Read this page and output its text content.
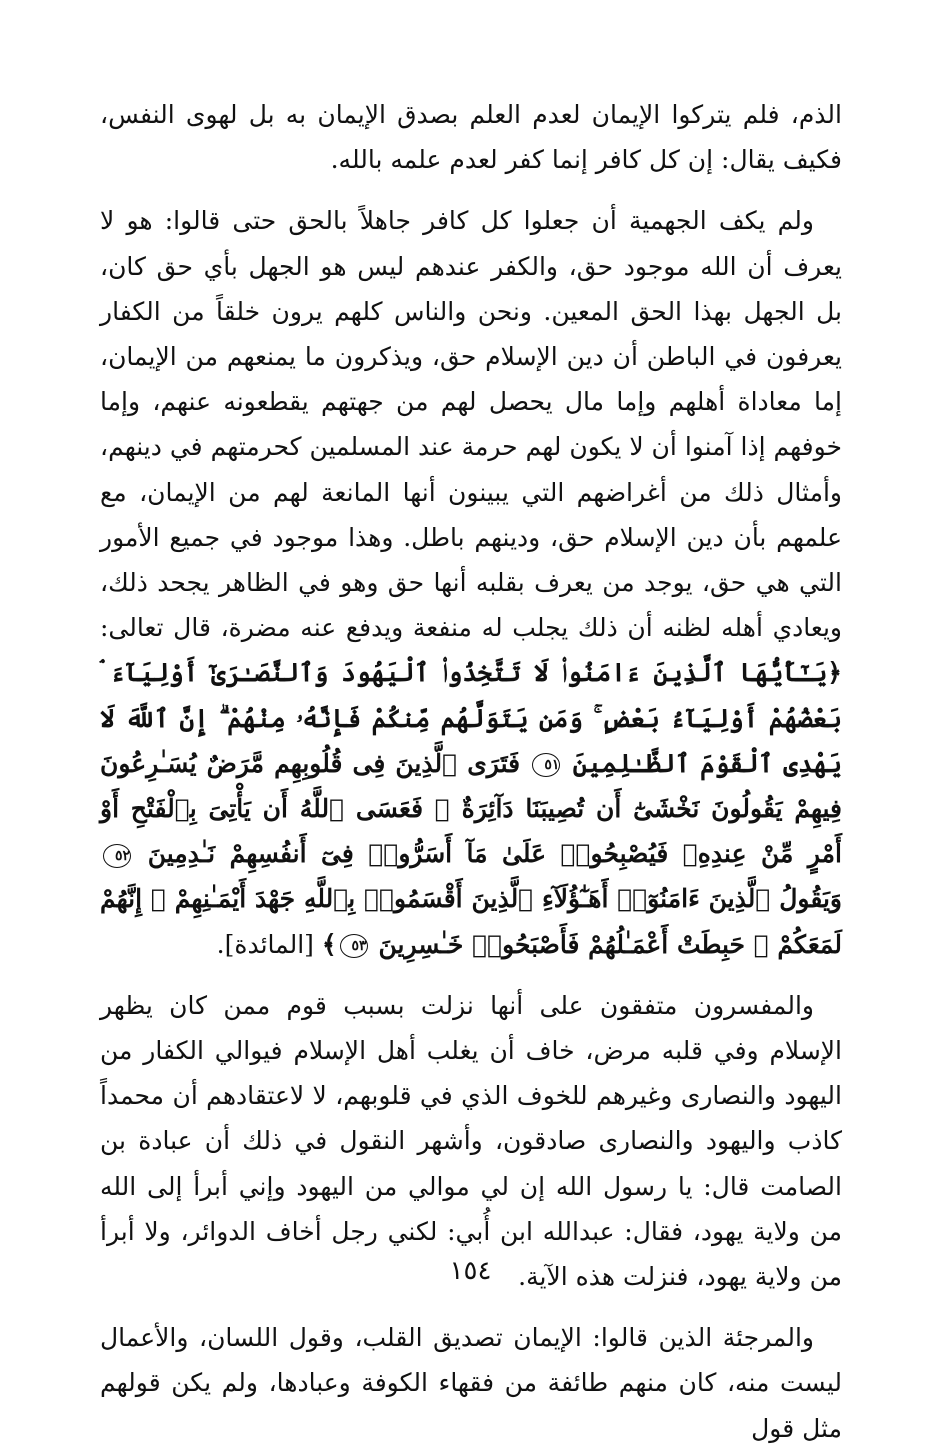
الذم، فلم يتركوا الإيمان لعدم العلم بصدق الإيمان به بل لهوى النفس، فكيف يقال: إن كل كافر إنما كفر لعدم علمه بالله.

ولم يكف الجهمية أن جعلوا كل كافر جاهلاً بالحق حتى قالوا: هو لا يعرف أن الله موجود حق، والكفر عندهم ليس هو الجهل بأي حق كان، بل الجهل بهذا الحق المعين. ونحن والناس كلهم يرون خلقاً من الكفار يعرفون في الباطن أن دين الإسلام حق، ويذكرون ما يمنعهم من الإيمان، إما معاداة أهلهم وإما مال يحصل لهم من جهتهم يقطعونه عنهم، وإما خوفهم إذا آمنوا أن لا يكون لهم حرمة عند المسلمين كحرمتهم في دينهم، وأمثال ذلك من أغراضهم التي يبينون أنها المانعة لهم من الإيمان، مع علمهم بأن دين الإسلام حق، ودينهم باطل. وهذا موجود في جميع الأمور التي هي حق، يوجد من يعرف بقلبه أنها حق وهو في الظاهر يجحد ذلك، ويعادي أهله لظنه أن ذلك يجلب له منفعة ويدفع عنه مضرة، قال تعالى: ﴿يَـٰٓأَيُّهَا ٱلَّذِينَ ءَامَنُوا۟ لَا تَتَّخِذُوا۟ ٱلْيَهُودَ وَٱلنَّصَـٰرَىٰٓ أَوْلِيَآءَ ۘ بَعْضُهُمْ أَوْلِيَآءُ بَعْضٍ ۚ وَمَن يَتَوَلَّهُم مِّنكُمْ فَإِنَّهُۥ مِنْهُمْ ۗ إِنَّ ٱللَّهَ لَا يَهْدِى ٱلْقَوْمَ ٱلظَّـٰلِمِينَ ٥١ فَتَرَى ٱلَّذِينَ فِى قُلُوبِهِم مَّرَضٌ يُسَـٰرِعُونَ فِيهِمْ يَقُولُونَ نَخْشَىٰٓ أَن تُصِيبَنَا دَآئِرَةٌ ۚ فَعَسَى ٱللَّهُ أَن يَأْتِىَ بِٱلْفَتْحِ أَوْ أَمْرٍ مِّنْ عِندِهِۦ فَيُصْبِحُوا۟ عَلَىٰ مَآ أَسَرُّوا۟ فِىٓ أَنفُسِهِمْ نَـٰدِمِينَ ٥٢ وَيَقُولُ ٱلَّذِينَ ءَامَنُوٓا۟ أَهَـٰٓؤُلَآءِ ٱلَّذِينَ أَقْسَمُوا۟ بِٱللَّهِ جَهْدَ أَيْمَـٰنِهِمْ ۙ إِنَّهُمْ لَمَعَكُمْ ۚ حَبِطَتْ أَعْمَـٰلُهُمْ فَأَصْبَحُوا۟ خَـٰسِرِينَ ٥٣﴾ [المائدة].

والمفسرون متفقون على أنها نزلت بسبب قوم ممن كان يظهر الإسلام وفي قلبه مرض، خاف أن يغلب أهل الإسلام فيوالي الكفار من اليهود والنصارى وغيرهم للخوف الذي في قلوبهم، لا لاعتقادهم أن محمداً كاذب واليهود والنصارى صادقون، وأشهر النقول في ذلك أن عبادة بن الصامت قال: يا رسول الله إن لي موالي من اليهود وإني أبرأ إلى الله من ولاية يهود، فقال: عبدالله ابن أُبي: لكني رجل أخاف الدوائر، ولا أبرأ من ولاية يهود، فنزلت هذه الآية.

والمرجئة الذين قالوا: الإيمان تصديق القلب، وقول اللسان، والأعمال ليست منه، كان منهم طائفة من فقهاء الكوفة وعبادها، ولم يكن قولهم مثل قول

١٥٤
